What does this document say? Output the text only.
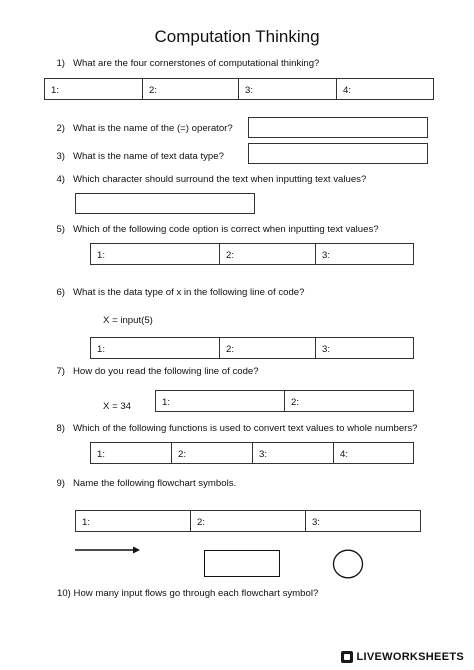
Computation Thinking
1) What are the four cornerstones of computational thinking?
1:	2:	3:	4:
2) What is the name of the (=) operator?
3) What is the name of text data type?
4) Which character should surround the text when inputting text values?
5) Which of the following code option is correct when inputting text values?
1:	2:	3:
6) What is the data type of x in the following line of code?
X = input(5)
1:	2:	3:
7) How do you read the following line of code?
X = 34	1:	2:
8) Which of the following functions is used to convert text values to whole numbers?
1:	2:	3:	4:
9) Name the following flowchart symbols.
1:	2:	3:
10) How many input flows go through each flowchart symbol?
LIVEWORKSHEETS
